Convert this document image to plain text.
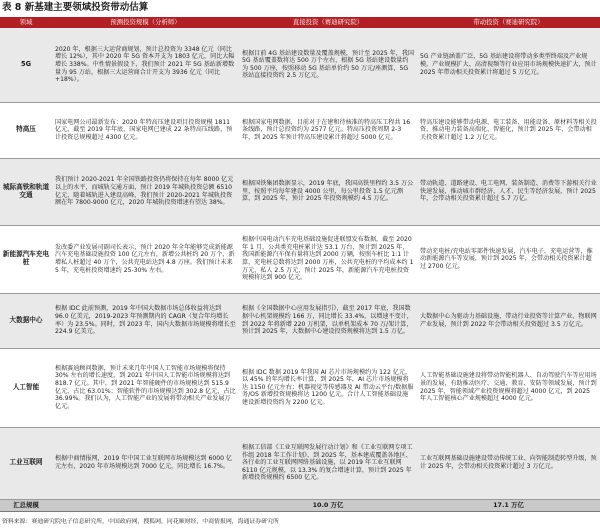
表 8 新基建主要领域投资带动估算
领域	预测投资规模（分析师）	直接投资（赛迪研究院）	带动投资（赛迪研究院）
5G	2020 年，根据三大运营商规划，预计总投资为 3348 亿元（同比增长 12%），其中 2020 年 5G 资本开支为 1803 亿元，同比大幅增长 338%。中性情景假设下，我们预计 2021 年 5G 基站新增数量为 95 万站，根据三大运营商合计开支为 3936 亿元（同比+18%）。	根据目前 4G 基站建设数量及覆盖规模，预计至 2025 年，我国 5G 基站覆盖数将达 500 万个左右，根据 5G 基站建设数量约为 500 万座，按照移动 5G 基站单价约 50 万元/座测算，5G 基站直接投资约 2.5 万亿元。	5G 产业链涵盖广泛，5G 基站建设将带动多类型终端及产业规模，产业规模扩大、高清视频等行业应用市场规模快速扩大，预计 2025 年带动相关投资累计将超过 5 万亿元。
特高压	国家电网公司最新发布：2020 年特高压建设项目投资规模 1811 亿元，截至 2019 年年底，国家电网已建成 22 条特高压线路，预计投资总规模超过 4300 亿元。	根据国家电网数据，目前对于在建和待核准的特高压工程共 16 条线路，预计总投资约为 2577 亿元。特高压投资周期 2-3 年，到 2025 年预计特高压建设累计将超过 5000 亿元。	特高压建设能够带动电源、电工装备、用能设备、原材料等相关投资，推动电力装备高端化、智能化，预计到 2025 年，会带动相关投资累计超过 1.2 万亿元。
城际高铁和轨道交通	我们预计 2020-2021 年全国铁路投资仍将保持在每年 8000 亿元以上的水平，而城轨交通方面，预计 2019 年城轨投资总额 6510 亿元，随着城轨进入建设高峰，我们预计 2020-2021 年城轨投资额在年 7800-9000 亿元，2020 年城轨投资增速有望达 38%。	根据国铁集团数据显示，2019 年底，我国高铁里程约 3.5 万公里，按照平均每年建设 4000 公里，每公里投资 1.5 亿元测算，到 2025 年，预计 2025 年投资规模约 4.5 万亿。	带动轨道、道路建设、电工电网、装备制造、消费等下游相关行业快速发展，推动城市群经济，人才、民生等经济发展，预计 2025 年，会带动相关投资累计超过 5.7 万亿。
新能源汽车充电桩	发改委产业发展司副司长表示，预计 2020 年全年能够完成新能源汽车充电基础设施投资 100 亿元左右，新增公共桩约 20 万个，新增私人桩超过 40 万个，公共充电站达到 4.8 万座。我们预计未来 5 年，充电桩投资增速约 25-30% 左右。	根据中国电动汽车充电基础设施促进联盟发布数据，截至 2020 年 1 月，公共类充电桩累计达 53.1 万台，预计到 2025 年，我国新能源汽车保有量将达到 2000 万辆，按照车桩比 1:1 计算，充电桩总数将达到 2000 万座，公共充电桩的平均成本约 1 万元，私人 2.5 万元，预计 2025 年，新能源汽车充电桩投资规模将达到 900 亿元。	带动充电桩/充电站零部件快速发展，汽车电子、充电运营等，推动新能源汽车等发展，预计到 2025 年，会带动相关投资累计超过 2700 亿元。
大数据中心	根据 IDC 此前预测，2019 年中国大数据市场总体收益将达到 96.0 亿美元，2019-2023 年预测期内的 CAGR（复合年均增长率）为 23.5%。同时，到 2023 年，国内大数据市场规模将增长至 224.9 亿美元。	根据《全国数据中心应用发展指引》，截至 2017 年底，我国数据中心机架规模约 166 万，同比增长 33.4%，以增速不变计，到 2022 年将新增 220 万机架，以单机架成本 70 万/架计算，预计到 2025 年，大数据中心建设投资规模将达到 1.5 万亿。	大数据中心为驱动力基础设施，带动行业投资等计算产业、物联网产业发展，预计到 2022 年会带动相关投资超过 3.5 万亿元。
人工智能	根据赛迪顾问数据，预计未来几年中国人工智能市场规模将保持 30% 左右的增长速度，到 2021 年中国人工智能市场规模将达到 818.7 亿元。其中，到 2021 年智能硬件的市场规模达到 515.9 亿元，占比 63.01%；智能软件的市场规模达到 302.8 亿元，占比 36.99%。我们认为，人工智能产业的发展将带动相关产业发展万亿元。	根据 IDC 数据 2019 年我国 AI 芯片市场规模约为 122 亿元，以 45% 的年均增长率计算，到 2025 年，AI 芯片市场规模将达 1150 亿元左右；机器视觉等传感器及 AI 带动云平台/数据服务/OS 新增投资规模将达 1200 亿元。合计人工智能基础设施建设新增投资约为 2200 亿元。	人工智能基础设施建设将带动智能机器人、自动驾驶汽车等应用场景的发展，有助推动医疗、交通、教育、安防等领域发展，预计到 2025 年，智能领域产业投资规模将超过 4000 亿元，到 2025 年人工智能核心产业规模超过 4000 亿元。
工业互联网	根据中商情报网，2019 年中国工业互联网市场规模达到 6000 亿元左右，2020 年市场规模达到 7000 亿元，同比增长 16.7%。	根据工信部《工业互联网发展行动计划》和《工业互联网专项工作组 2018 年工作计划》，到 2025 年，基本建成覆盖各地区、各行业的工业互联网网络基础设施，以 2019 年工业互联网 6110 亿元规模，以 13.3% 的复合增速计算，预计到 2025 年新增投资规模约 6500 亿元。	工业互联网基础设施建设带动传统工业、向智能制造转型升级，预计 2025 年，会带动相关投资累计超过 3 万亿元。
汇总规模		10.0 万亿	17.1 万亿
资料来源：赛迪研究院电子信息研究所，中国政府网，搜狐网，同花顺财经，中商情报网，海通证券研究所
